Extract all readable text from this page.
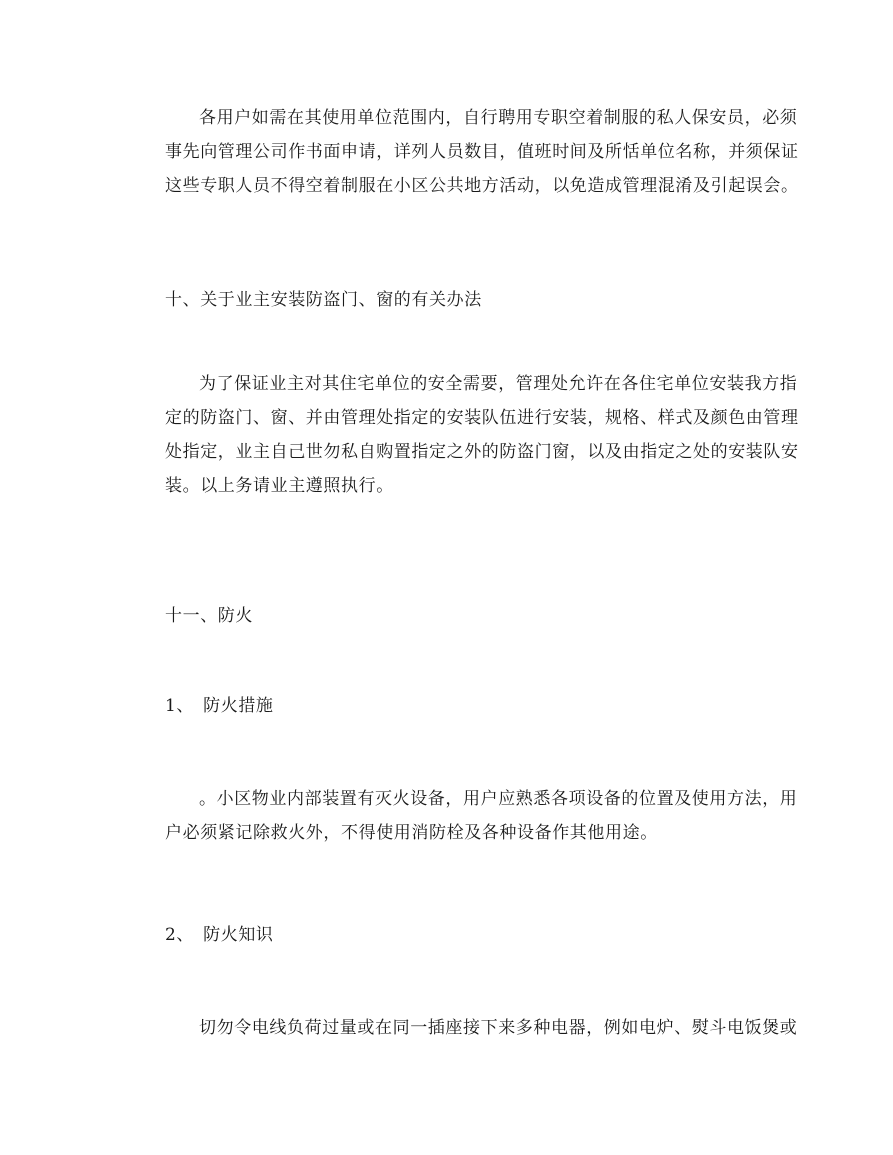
各用户如需在其使用单位范围内，自行聘用专职空着制服的私人保安员，必须
事先向管理公司作书面申请，详列人员数目，值班时间及所恬单位名称，并须保证
这些专职人员不得空着制服在小区公共地方活动，以免造成管理混淆及引起误会。

十、关于业主安装防盗门、窗的有关办法

为了保证业主对其住宅单位的安全需要，管理处允许在各住宅单位安装我方指
定的防盗门、窗、并由管理处指定的安装队伍进行安装，规格、样式及颜色由管理
处指定，业主自己世勿私自购置指定之外的防盗门窗，以及由指定之处的安装队安
装。以上务请业主遵照执行。

十一、防火

1、　防火措施

。小区物业内部装置有灭火设备，用户应熟悉各项设备的位置及使用方法，用
户必须紧记除救火外，不得使用消防栓及各种设备作其他用途。

2、　防火知识

切勿令电线负荷过量或在同一插座接下来多种电器，例如电炉、熨斗电饭煲或
